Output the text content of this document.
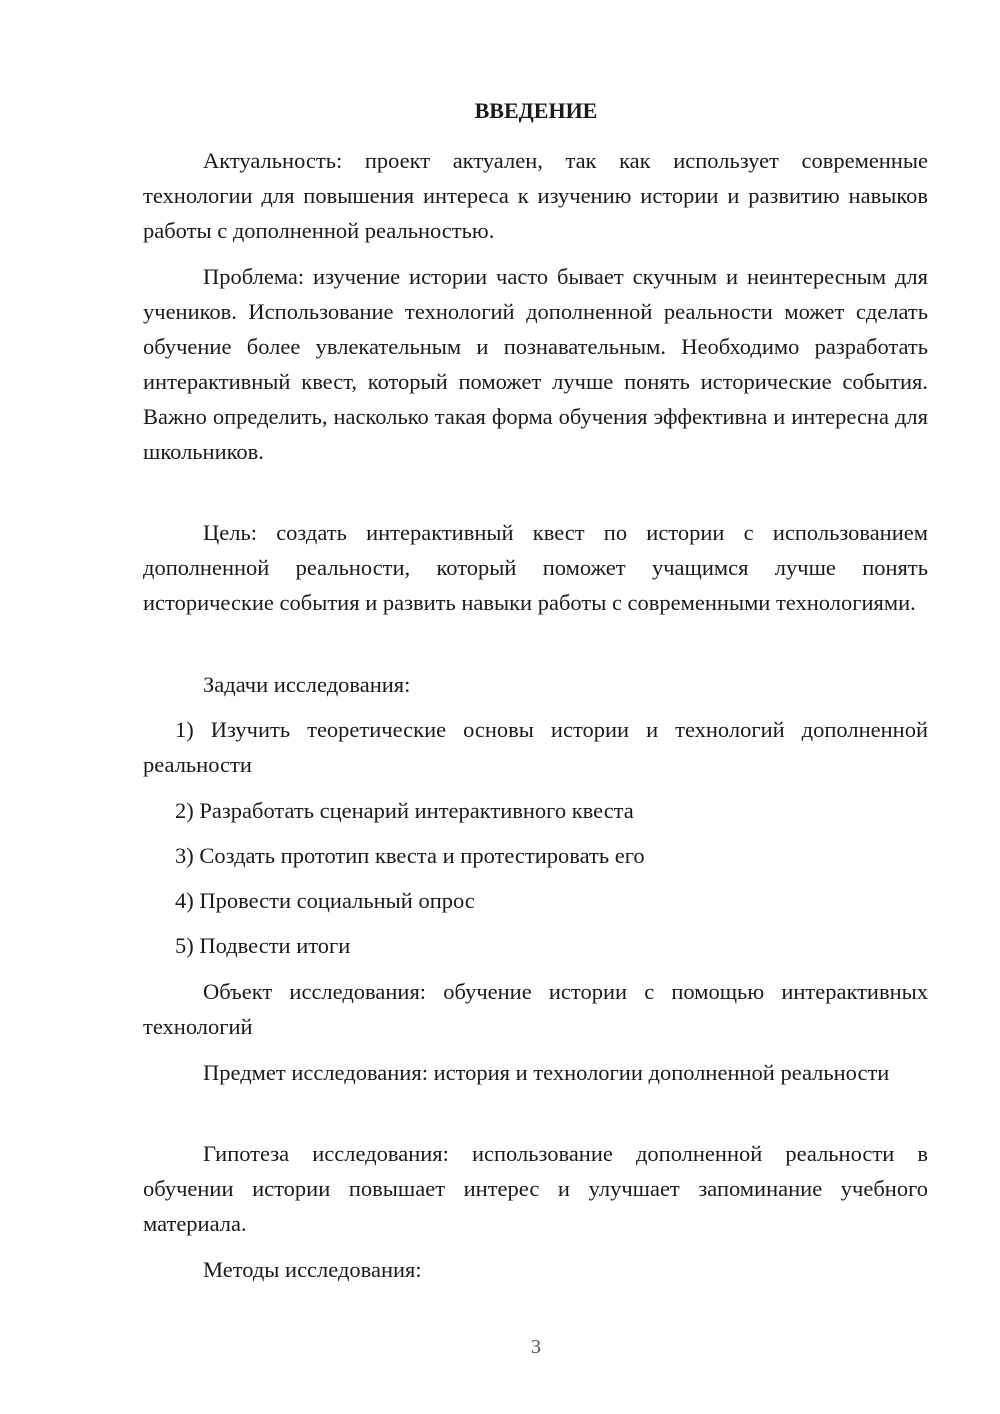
ВВЕДЕНИЕ

Актуальность: проект актуален, так как использует современные технологии для повышения интереса к изучению истории и развитию навыков работы с дополненной реальностью.

Проблема: изучение истории часто бывает скучным и неинтересным для учеников. Использование технологий дополненной реальности может сделать обучение более увлекательным и познавательным. Необходимо разработать интерактивный квест, который поможет лучше понять исторические события. Важно определить, насколько такая форма обучения эффективна и интересна для школьников.

Цель: создать интерактивный квест по истории с использованием дополненной реальности, который поможет учащимся лучше понять исторические события и развить навыки работы с современными технологиями.

Задачи исследования:

1) Изучить теоретические основы истории и технологий дополненной реальности

2) Разработать сценарий интерактивного квеста

3) Создать прототип квеста и протестировать его

4) Провести социальный опрос

5) Подвести итоги

Объект исследования: обучение истории с помощью интерактивных технологий

Предмет исследования: история и технологии дополненной реальности

Гипотеза исследования: использование дополненной реальности в обучении истории повышает интерес и улучшает запоминание учебного материала.

Методы исследования:

3
